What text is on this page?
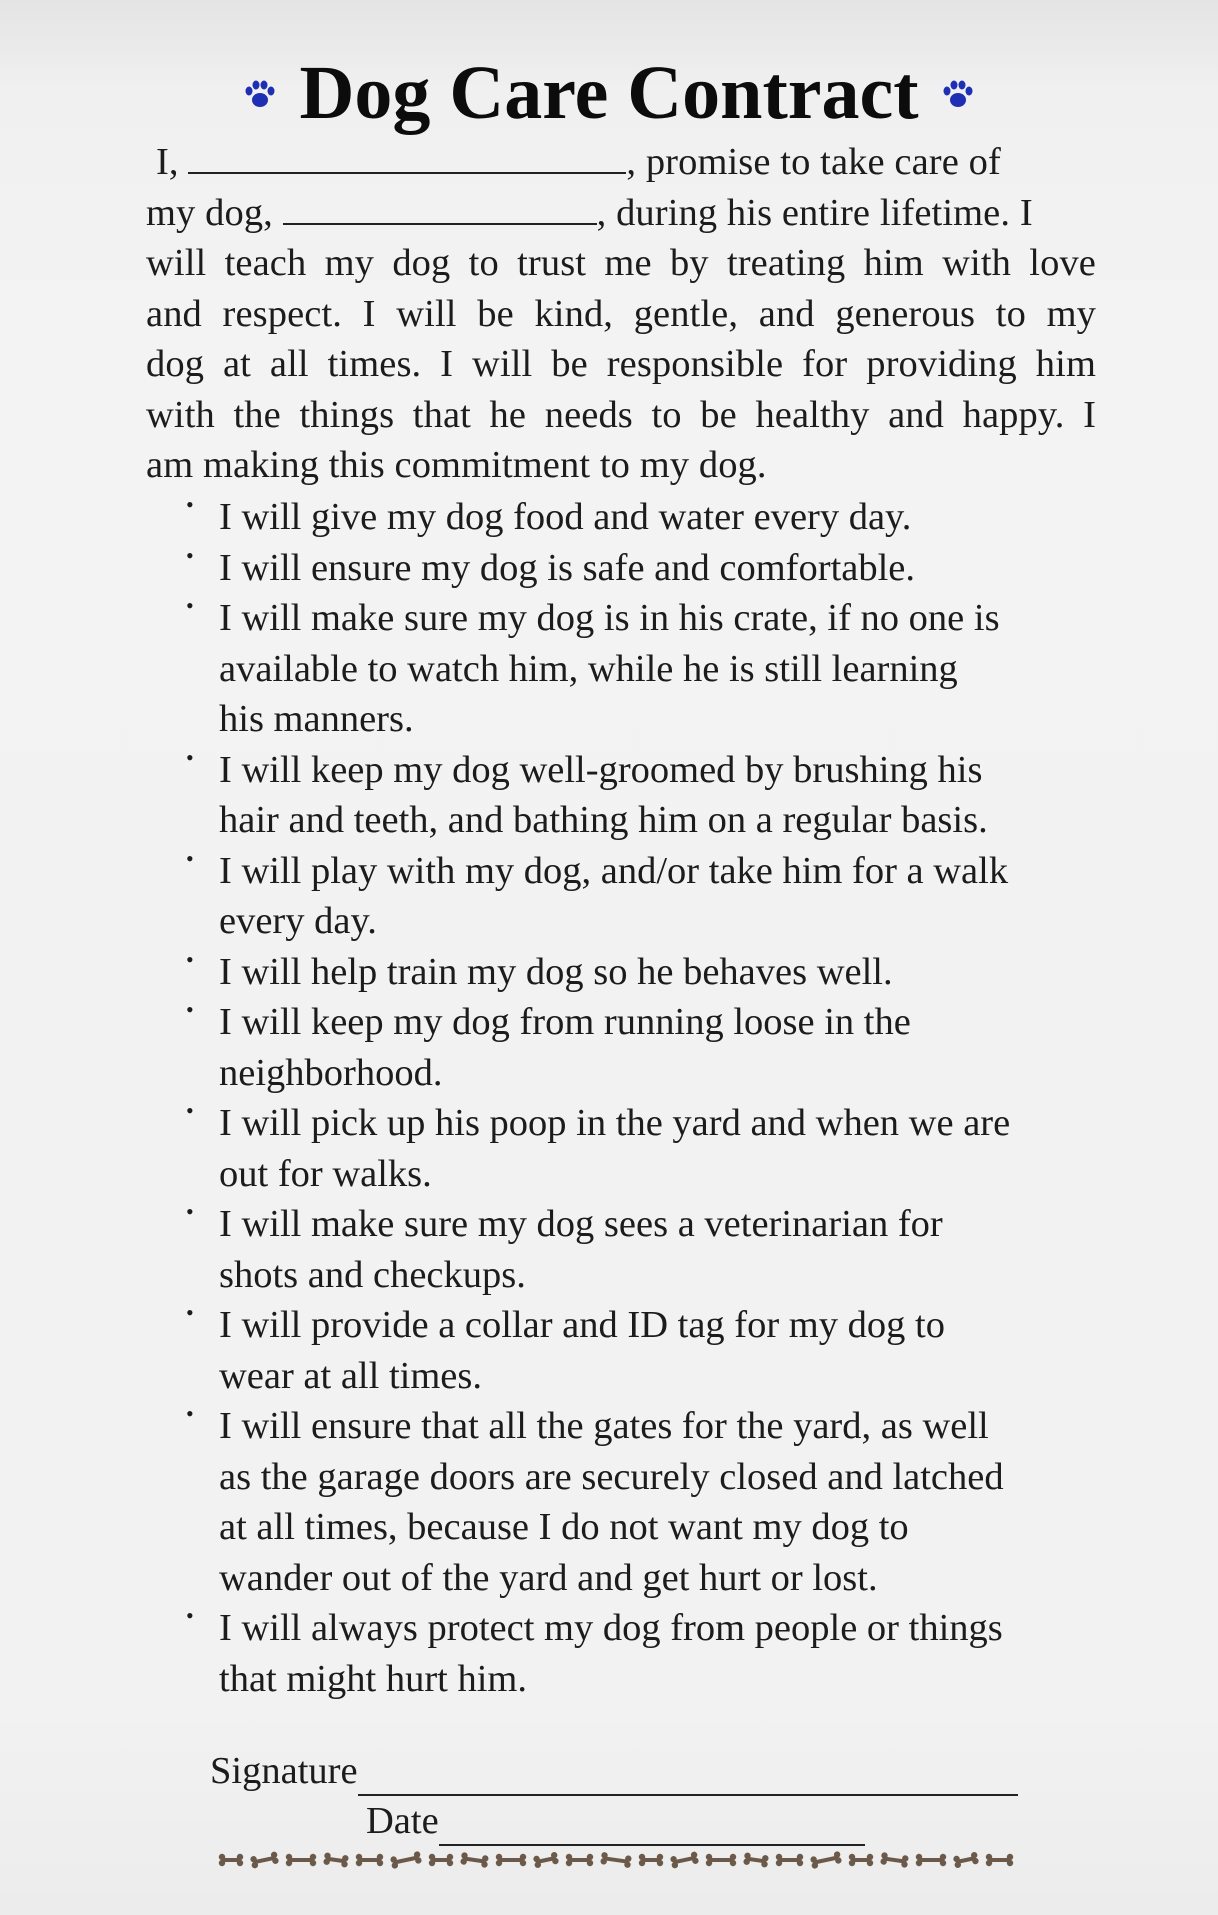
Dog Care Contract
I,	, promise to take care of
my dog,	, during his entire lifetime. I
will teach my dog to trust me by treating him with love
and respect. I will be kind, gentle, and generous to my
dog at all times. I will be responsible for providing him
with the things that he needs to be healthy and happy. I
am making this commitment to my dog.
• I will give my dog food and water every day.
• I will ensure my dog is safe and comfortable.
• I will make sure my dog is in his crate, if no one is
available to watch him, while he is still learning
his manners.
• I will keep my dog well-groomed by brushing his
hair and teeth, and bathing him on a regular basis.
• I will play with my dog, and/or take him for a walk
every day.
• I will help train my dog so he behaves well.
• I will keep my dog from running loose in the
neighborhood.
• I will pick up his poop in the yard and when we are
out for walks.
• I will make sure my dog sees a veterinarian for
shots and checkups.
• I will provide a collar and ID tag for my dog to
wear at all times.
• I will ensure that all the gates for the yard, as well
as the garage doors are securely closed and latched
at all times, because I do not want my dog to
wander out of the yard and get hurt or lost.
• I will always protect my dog from people or things
that might hurt him.
Signature
Date
